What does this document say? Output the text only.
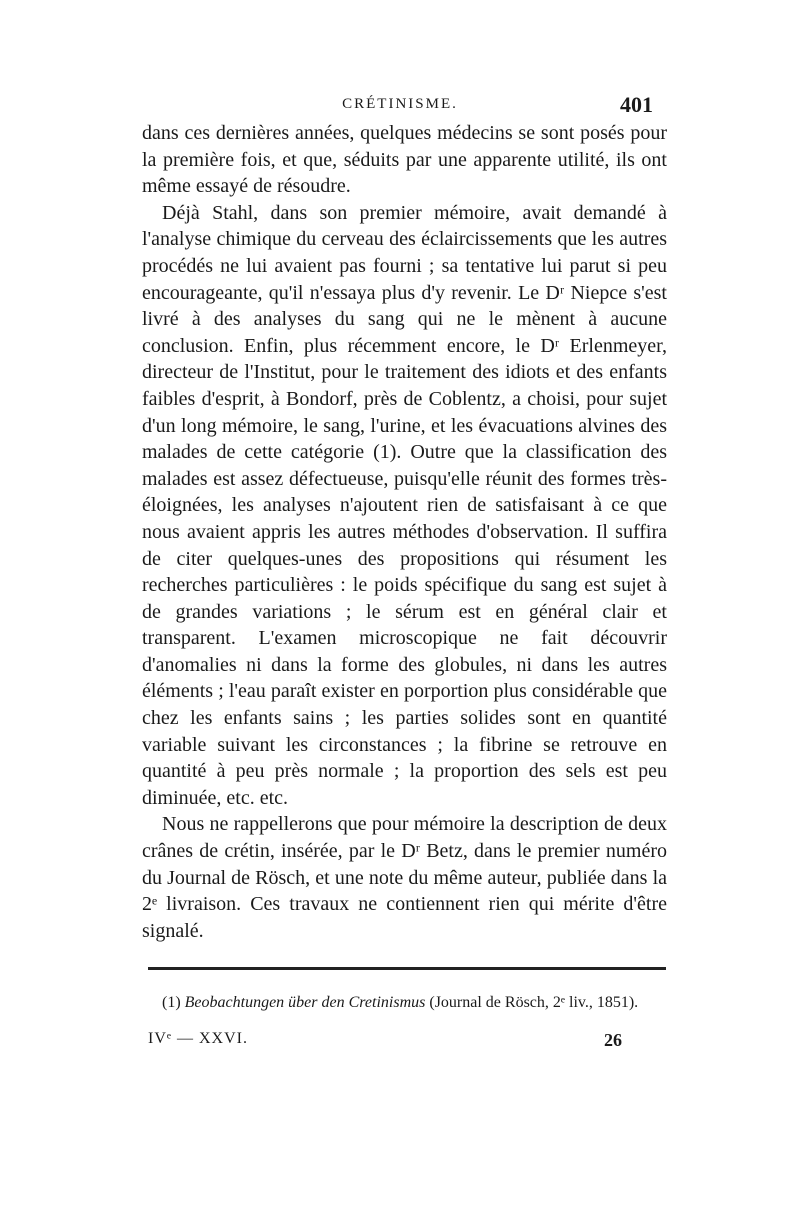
CRÉTINISME.	401

dans ces dernières années, quelques médecins se sont posés pour la première fois, et que, séduits par une apparente utilité, ils ont même essayé de résoudre.

Déjà Stahl, dans son premier mémoire, avait demandé à l'analyse chimique du cerveau des éclaircissements que les autres procédés ne lui avaient pas fourni ; sa tentative lui parut si peu encourageante, qu'il n'essaya plus d'y revenir. Le Dʳ Niepce s'est livré à des analyses du sang qui ne le mènent à aucune conclusion. Enfin, plus récemment encore, le Dʳ Erlenmeyer, directeur de l'Institut, pour le traitement des idiots et des enfants faibles d'esprit, à Bondorf, près de Coblentz, a choisi, pour sujet d'un long mémoire, le sang, l'urine, et les évacuations alvines des malades de cette catégorie (1). Outre que la classification des malades est assez défectueuse, puisqu'elle réunit des formes très-éloignées, les analyses n'ajoutent rien de satisfaisant à ce que nous avaient appris les autres méthodes d'observation. Il suffira de citer quelques-unes des propositions qui résument les recherches particulières : le poids spécifique du sang est sujet à de grandes variations ; le sérum est en général clair et transparent. L'examen microscopique ne fait découvrir d'anomalies ni dans la forme des globules, ni dans les autres éléments ; l'eau paraît exister en porportion plus considérable que chez les enfants sains ; les parties solides sont en quantité variable suivant les circonstances ; la fibrine se retrouve en quantité à peu près normale ; la proportion des sels est peu diminuée, etc. etc.

Nous ne rappellerons que pour mémoire la description de deux crânes de crétin, insérée, par le Dʳ Betz, dans le premier numéro du Journal de Rösch, et une note du même auteur, publiée dans la 2ᵉ livraison. Ces travaux ne contiennent rien qui mérite d'être signalé.

(1) Beobachtungen über den Cretinismus (Journal de Rösch, 2ᵉ liv., 1851).

IVᵉ — XXVI.	26
